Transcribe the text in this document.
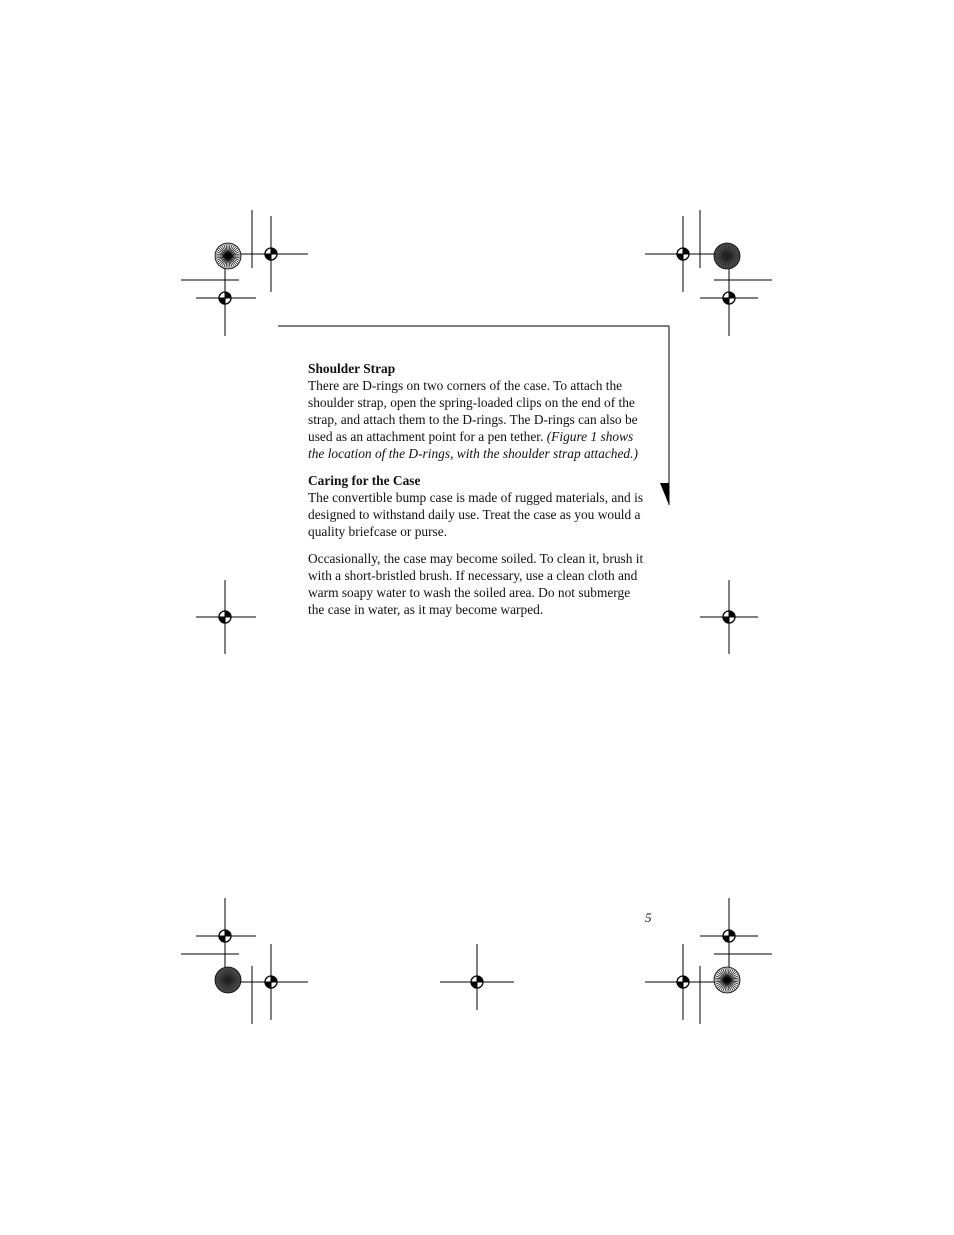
Shoulder Strap

There are D-rings on two corners of the case. To attach the shoulder strap, open the spring-loaded clips on the end of the strap, and attach them to the D-rings. The D-rings can also be used as an attachment point for a pen tether. (Figure 1 shows the location of the D-rings, with the shoulder strap attached.)

Caring for the Case

The convertible bump case is made of rugged materials, and is designed to withstand daily use. Treat the case as you would a quality briefcase or purse.

Occasionally, the case may become soiled. To clean it, brush it with a short-bristled brush. If necessary, use a clean cloth and warm soapy water to wash the soiled area. Do not submerge the case in water, as it may become warped.

5
